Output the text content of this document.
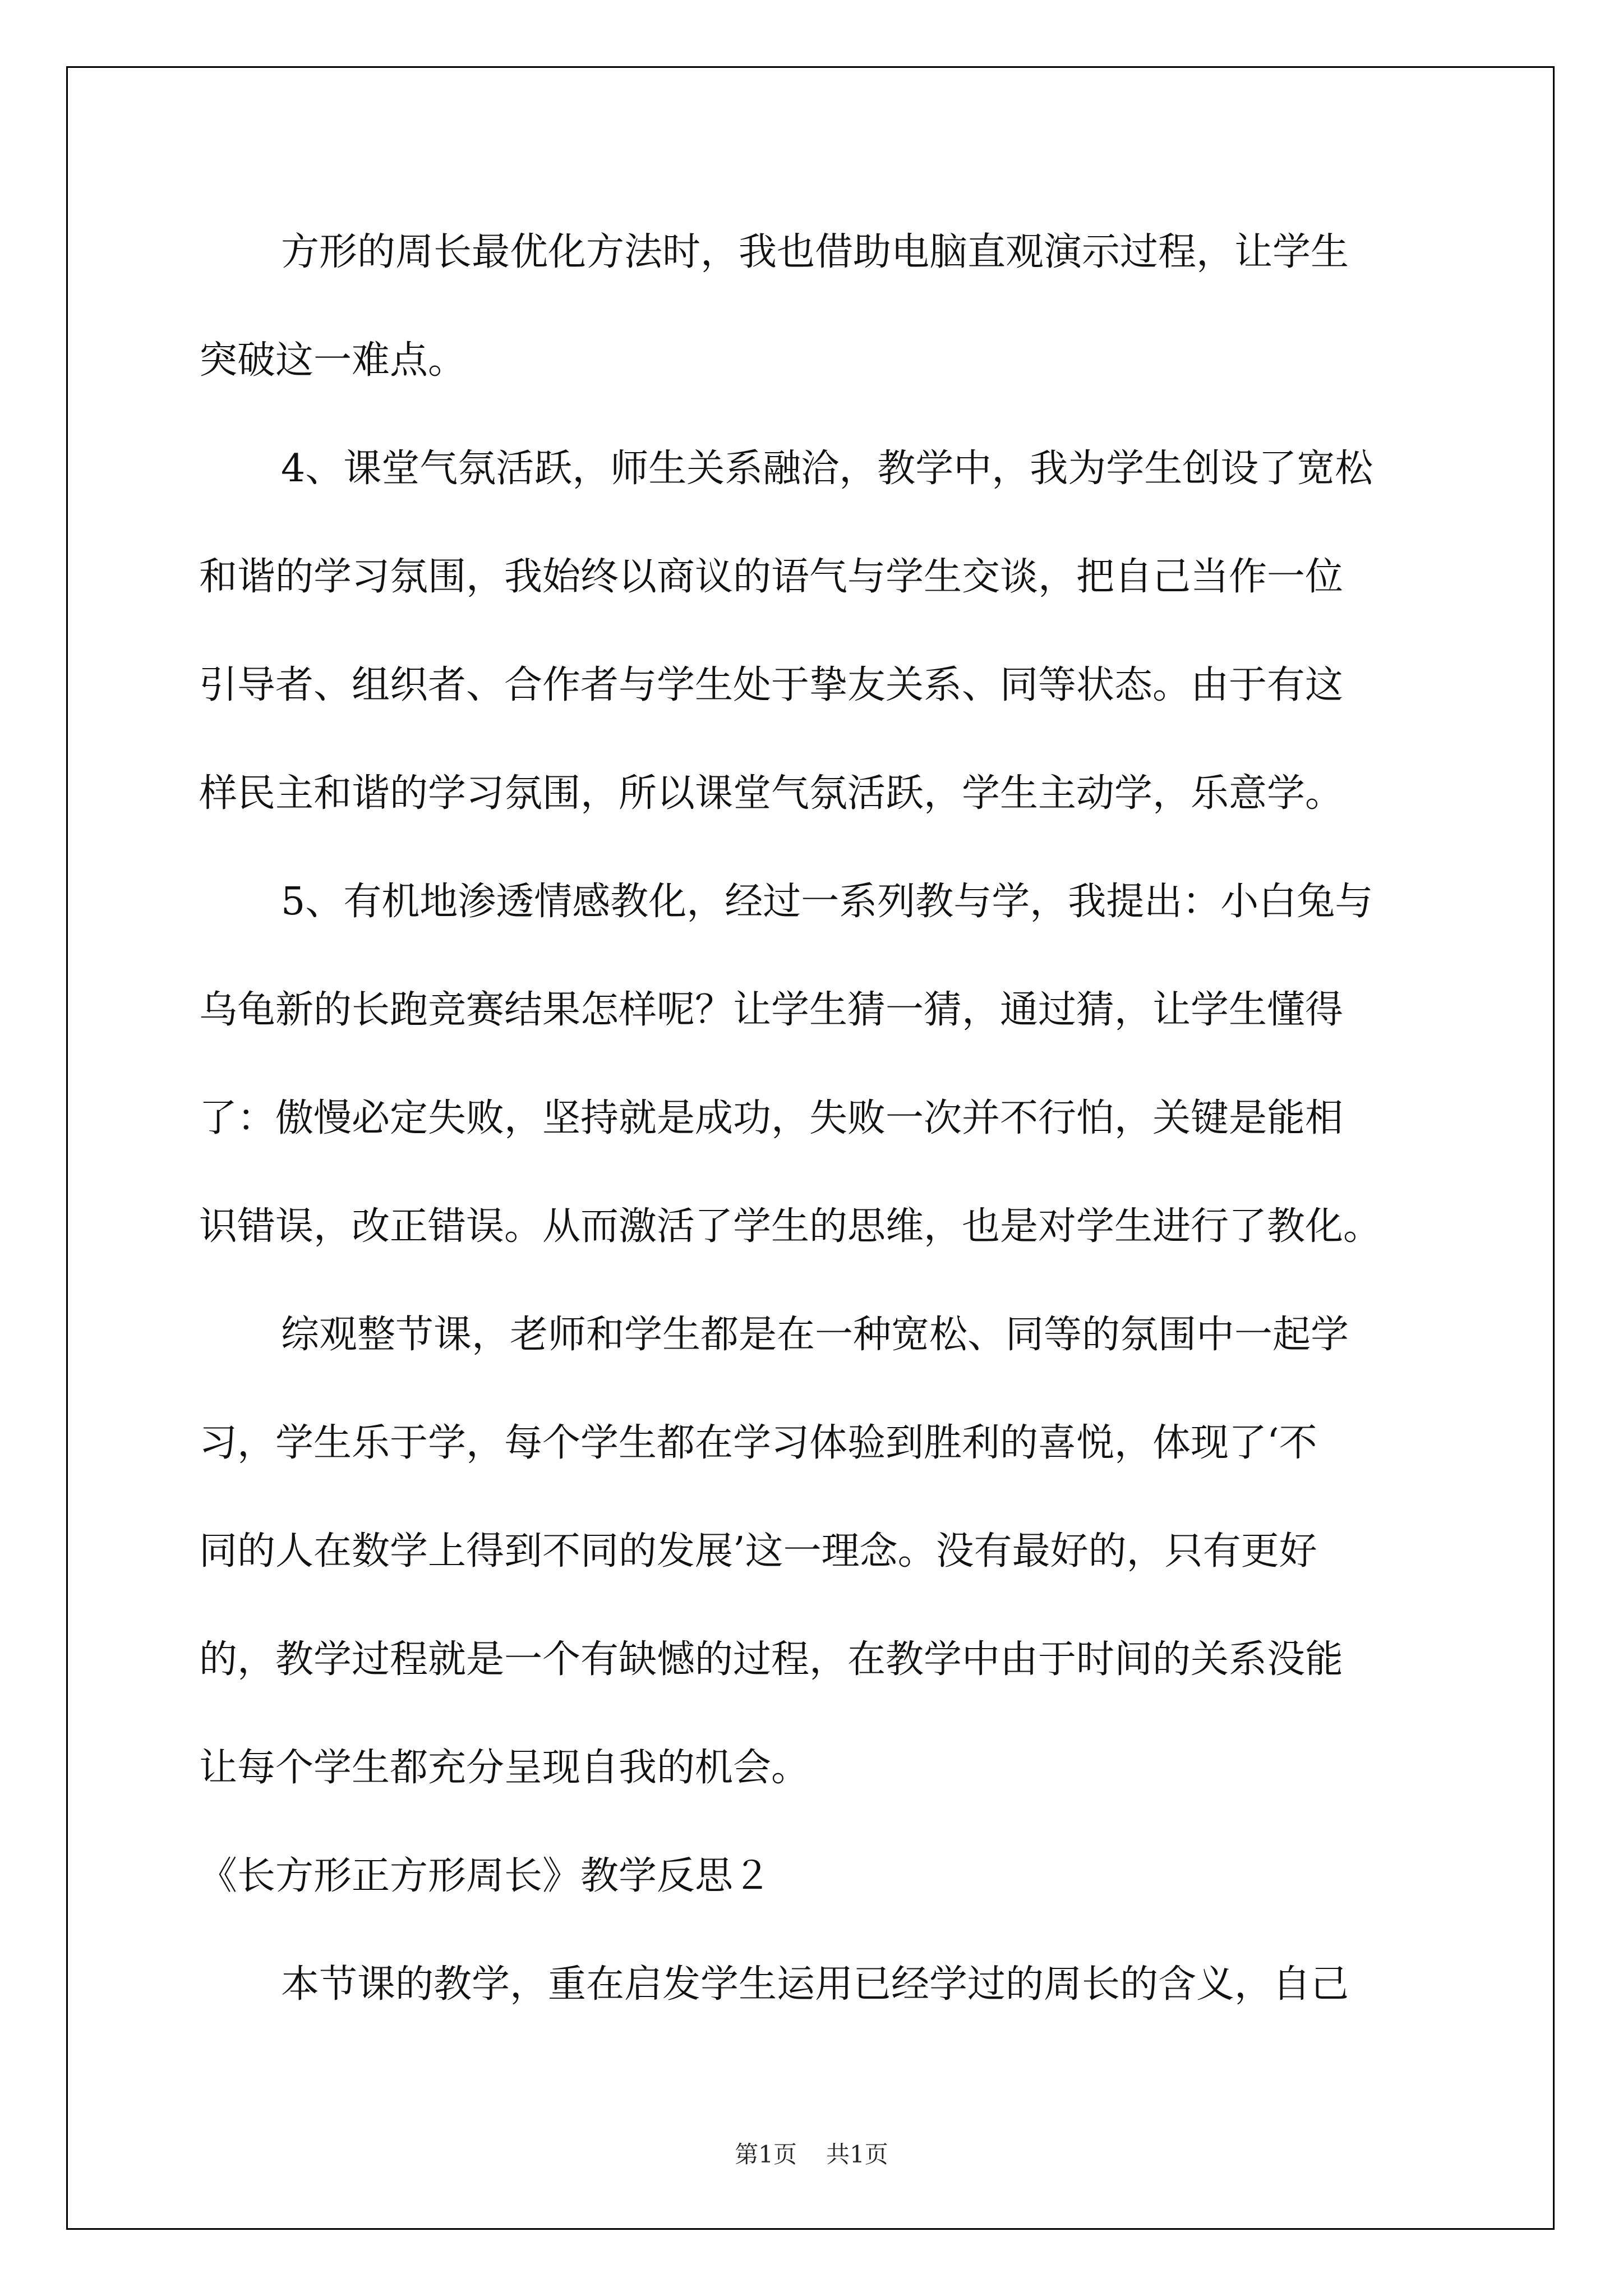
方形的周长最优化方法时，我也借助电脑直观演示过程，让学生
突破这一难点。
4、课堂气氛活跃，师生关系融洽，教学中，我为学生创设了宽松
和谐的学习氛围，我始终以商议的语气与学生交谈，把自己当作一位
引导者、组织者、合作者与学生处于挚友关系、同等状态。由于有这
样民主和谐的学习氛围，所以课堂气氛活跃，学生主动学，乐意学。
5、有机地渗透情感教化，经过一系列教与学，我提出：小白兔与
乌龟新的长跑竞赛结果怎样呢？让学生猜一猜，通过猜，让学生懂得
了：傲慢必定失败，坚持就是成功，失败一次并不行怕，关键是能相
识错误，改正错误。从而激活了学生的思维，也是对学生进行了教化。
综观整节课，老师和学生都是在一种宽松、同等的氛围中一起学
习，学生乐于学，每个学生都在学习体验到胜利的喜悦，体现了‘不
同的人在数学上得到不同的发展’这一理念。没有最好的，只有更好
的，教学过程就是一个有缺憾的过程，在教学中由于时间的关系没能
让每个学生都充分呈现自我的机会。
《长方形正方形周长》教学反思２
本节课的教学，重在启发学生运用已经学过的周长的含义，自己
第1页 共1页
